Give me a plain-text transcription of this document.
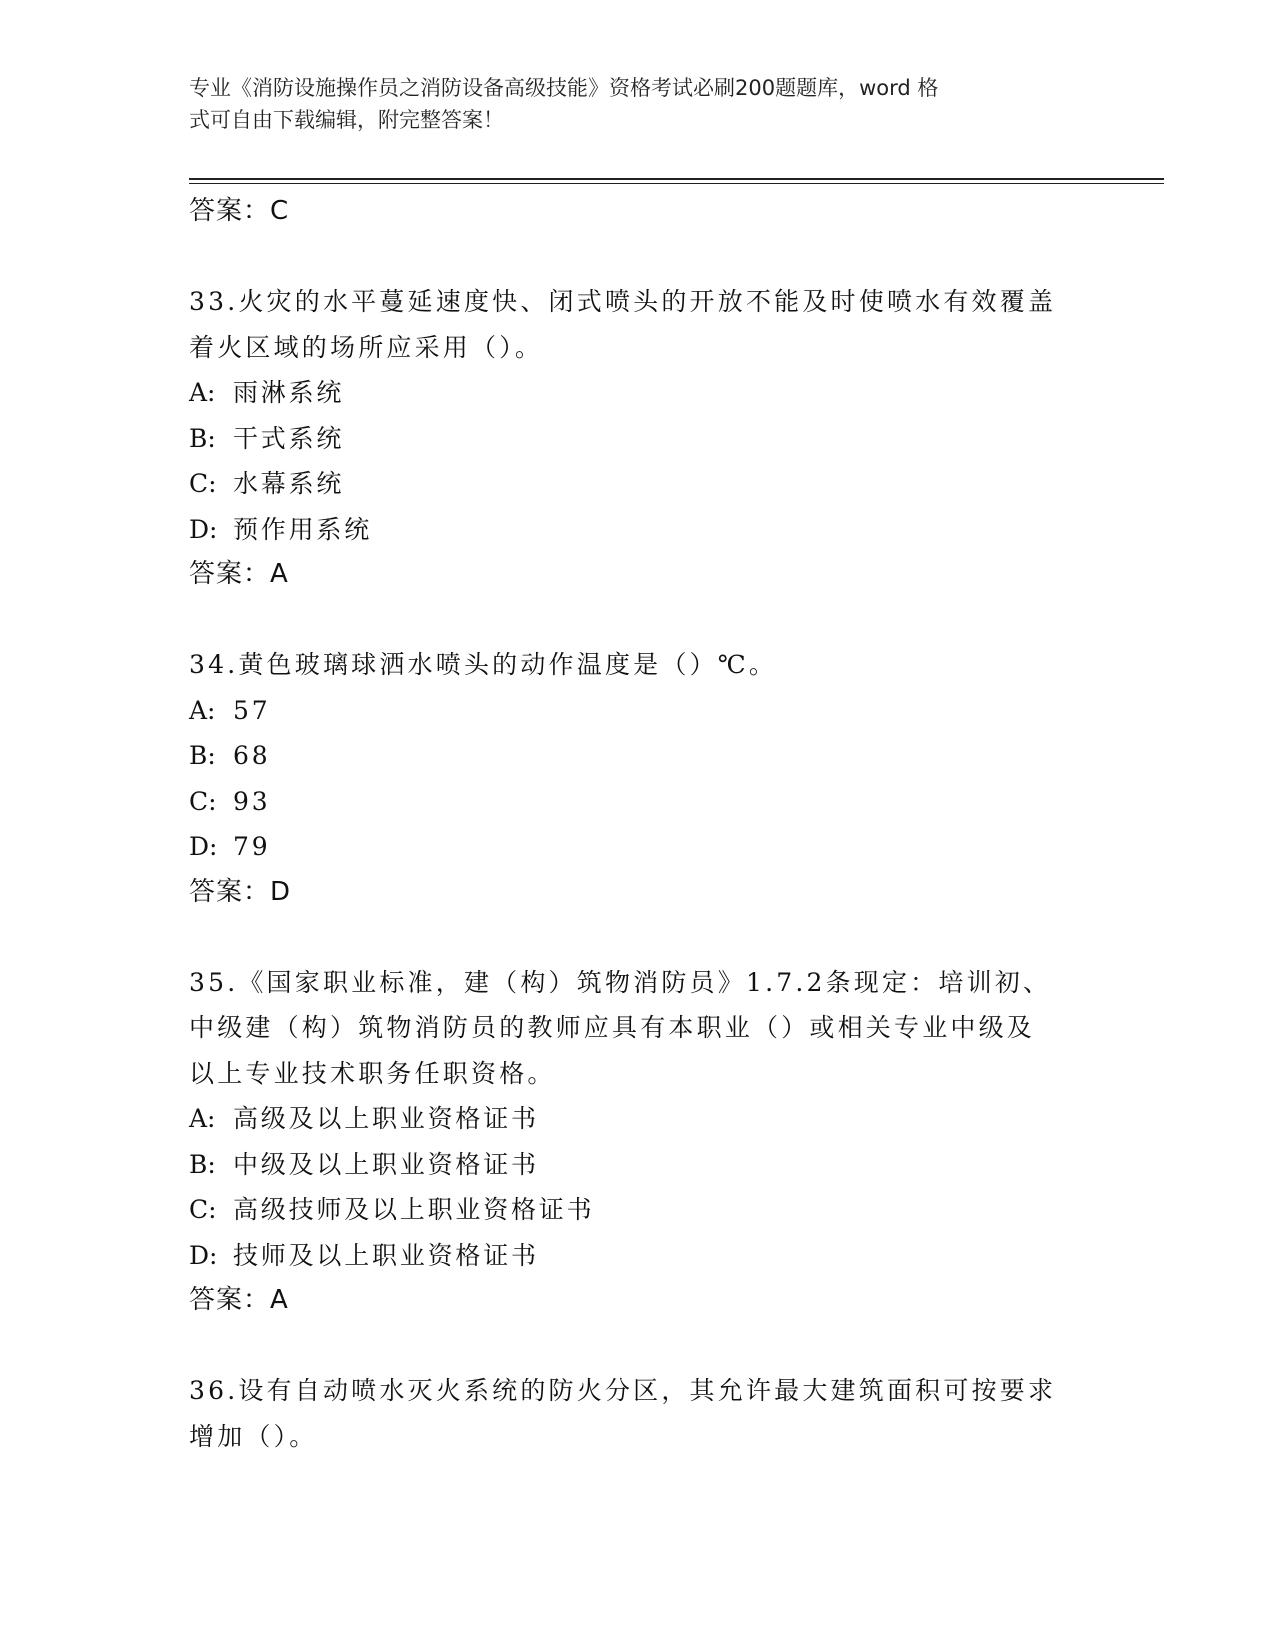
专业《消防设施操作员之消防设备高级技能》资格考试必刷200题题库，word 格
式可自由下载编辑，附完整答案！
答案：C
33.火灾的水平蔓延速度快、闭式喷头的开放不能及时使喷水有效覆盖
着火区域的场所应采用（）。
A: 雨淋系统
B: 干式系统
C: 水幕系统
D: 预作用系统
答案：A
34.黄色玻璃球洒水喷头的动作温度是（）℃。
A: 57
B: 68
C: 93
D: 79
答案：D
35.《国家职业标准，建（构）筑物消防员》1.7.2条现定：培训初、
中级建（构）筑物消防员的教师应具有本职业（）或相关专业中级及
以上专业技术职务任职资格。
A: 高级及以上职业资格证书
B: 中级及以上职业资格证书
C: 高级技师及以上职业资格证书
D: 技师及以上职业资格证书
答案：A
36.设有自动喷水灭火系统的防火分区，其允许最大建筑面积可按要求
增加（）。
